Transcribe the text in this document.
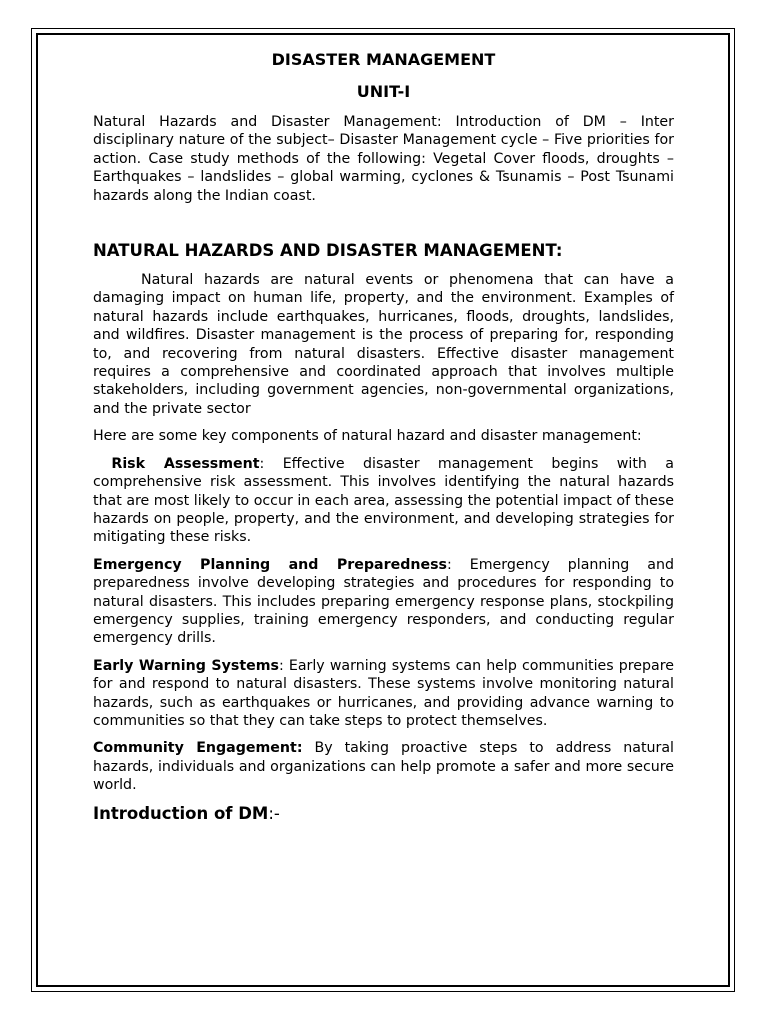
DISASTER MANAGEMENT
UNIT-I

Natural Hazards and Disaster Management: Introduction of DM – Inter disciplinary nature of the subject– Disaster Management cycle – Five priorities for action. Case study methods of the following: Vegetal Cover floods, droughts – Earthquakes – landslides – global warming, cyclones & Tsunamis – Post Tsunami hazards along the Indian coast.

NATURAL HAZARDS AND DISASTER MANAGEMENT:

Natural hazards are natural events or phenomena that can have a damaging impact on human life, property, and the environment. Examples of natural hazards include earthquakes, hurricanes, floods, droughts, landslides, and wildfires. Disaster management is the process of preparing for, responding to, and recovering from natural disasters. Effective disaster management requires a comprehensive and coordinated approach that involves multiple stakeholders, including government agencies, non-governmental organizations, and the private sector

Here are some key components of natural hazard and disaster management:

Risk Assessment: Effective disaster management begins with a comprehensive risk assessment. This involves identifying the natural hazards that are most likely to occur in each area, assessing the potential impact of these hazards on people, property, and the environment, and developing strategies for mitigating these risks.

Emergency Planning and Preparedness: Emergency planning and preparedness involve developing strategies and procedures for responding to natural disasters. This includes preparing emergency response plans, stockpiling emergency supplies, training emergency responders, and conducting regular emergency drills.

Early Warning Systems: Early warning systems can help communities prepare for and respond to natural disasters. These systems involve monitoring natural hazards, such as earthquakes or hurricanes, and providing advance warning to communities so that they can take steps to protect themselves.

Community Engagement: By taking proactive steps to address natural hazards, individuals and organizations can help promote a safer and more secure world.

Introduction of DM:-
